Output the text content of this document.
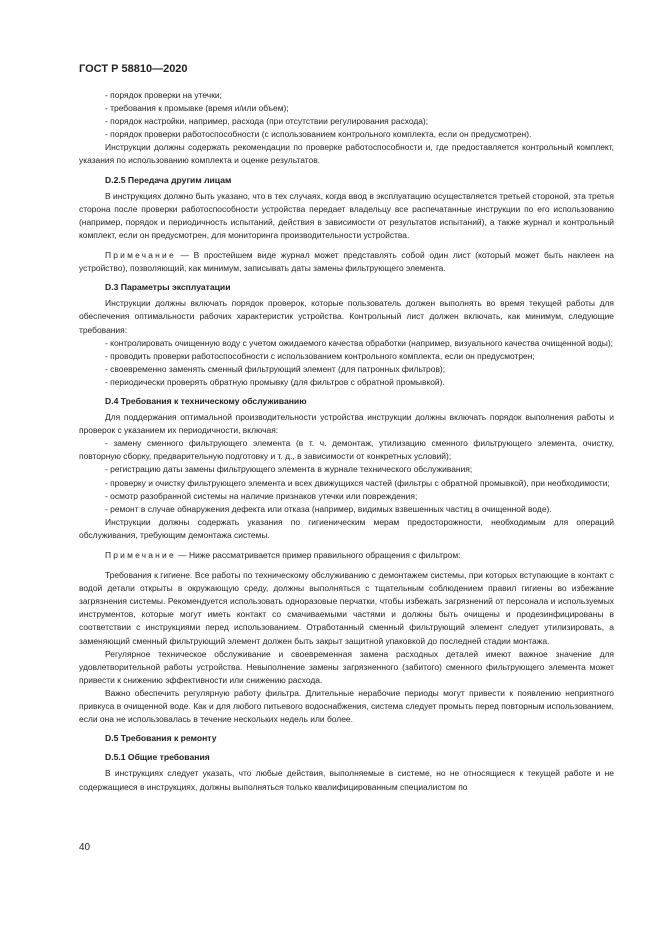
ГОСТ Р 58810—2020

- порядок проверки на утечки;

- требования к промывке (время и/или объем);

- порядок настройки, например, расхода (при отсутствии регулирования расхода);

- порядок проверки работоспособности (с использованием контрольного комплекта, если он предусмотрен).

Инструкции должны содержать рекомендации по проверке работоспособности и, где предоставляется контрольный комплект, указания по использованию комплекта и оценке результатов.

D.2.5 Передача другим лицам

В инструкциях должно быть указано, что в тех случаях, когда ввод в эксплуатацию осуществляется третьей стороной, эта третья сторона после проверки работоспособности устройства передает владельцу все распечатанные инструкции по его использованию (например, порядок и периодичность испытаний, действия в зависимости от результатов испытаний), а также журнал и контрольный комплект, если он предусмотрен, для мониторинга производительности устройства.

Примечание — В простейшем виде журнал может представлять собой один лист (который может быть наклеен на устройство), позволяющий, как минимум, записывать даты замены фильтрующего элемента.

D.3 Параметры эксплуатации

Инструкции должны включать порядок проверок, которые пользователь должен выполнять во время текущей работы для обеспечения оптимальности рабочих характеристик устройства. Контрольный лист должен включать, как минимум, следующие требования:

- контролировать очищенную воду с учетом ожидаемого качества обработки (например, визуального качества очищенной воды);

- проводить проверки работоспособности с использованием контрольного комплекта, если он предусмотрен;

- своевременно заменять сменный фильтрующий элемент (для патронных фильтров);

- периодически проверять обратную промывку (для фильтров с обратной промывкой).

D.4 Требования к техническому обслуживанию

Для поддержания оптимальной производительности устройства инструкции должны включать порядок выполнения работы и проверок с указанием их периодичности, включая:

- замену сменного фильтрующего элемента (в т. ч. демонтаж, утилизацию сменного фильтрующего элемента, очистку, повторную сборку, предварительную подготовку и т. д., в зависимости от конкретных условий);

- регистрацию даты замены фильтрующего элемента в журнале технического обслуживания;

- проверку и очистку фильтрующего элемента и всех движущихся частей (фильтры с обратной промывкой), при необходимости;

- осмотр разобранной системы на наличие признаков утечки или повреждения;

- ремонт в случае обнаружения дефекта или отказа (например, видимых взвешенных частиц в очищенной воде).

Инструкции должны содержать указания по гигиеническим мерам предосторожности, необходимым для операций обслуживания, требующим демонтажа системы.

Примечание — Ниже рассматривается пример правильного обращения с фильтром:

Требования к гигиене. Все работы по техническому обслуживанию с демонтажем системы, при которых вступающие в контакт с водой детали открыты в окружающую среду, должны выполняться с тщательным соблюдением правил гигиены во избежание загрязнения системы. Рекомендуется использовать одноразовые перчатки, чтобы избежать загрязнений от персонала и используемых инструментов, которые могут иметь контакт со смачиваемыми частями и должны быть очищены и продезинфицированы в соответствии с инструкциями перед использованием. Отработанный сменный фильтрующий элемент следует утилизировать, а заменяющий сменный фильтрующий элемент должен быть закрыт защитной упаковкой до последней стадии монтажа.

Регулярное техническое обслуживание и своевременная замена расходных деталей имеют важное значение для удовлетворительной работы устройства. Невыполнение замены загрязненного (забитого) сменного фильтрующего элемента может привести к снижению эффективности или снижению расхода.

Важно обеспечить регулярную работу фильтра. Длительные нерабочие периоды могут привести к появлению неприятного привкуса в очищенной воде. Как и для любого питьевого водоснабжения, система следует промыть перед повторным использованием, если она не использовалась в течение нескольких недель или более.

D.5 Требования к ремонту
D.5.1 Общие требования

В инструкциях следует указать, что любые действия, выполняемые в системе, но не относящиеся к текущей работе и не содержащиеся в инструкциях, должны выполняться только квалифицированным специалистом по

40
